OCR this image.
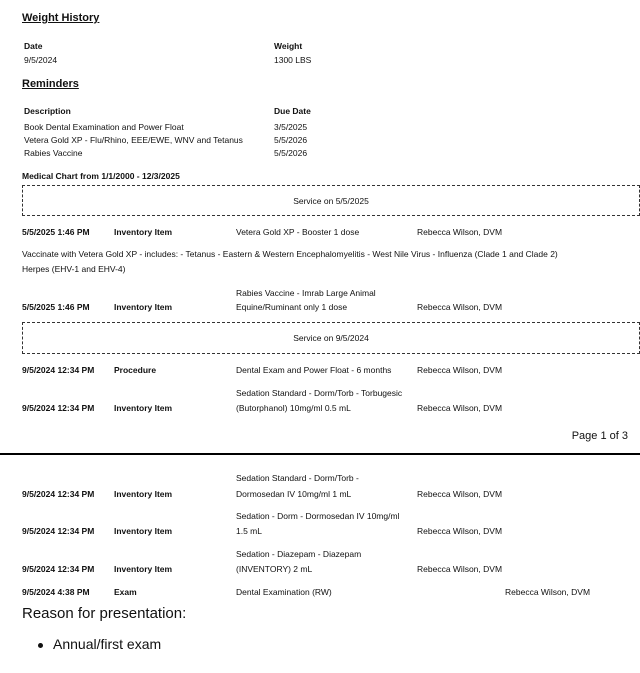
Weight History
Date	Weight
9/5/2024	1300 LBS
Reminders
Description	Due Date
Book Dental Examination and Power Float	3/5/2025
Vetera Gold XP - Flu/Rhino, EEE/EWE, WNV and Tetanus	5/5/2026
Rabies Vaccine	5/5/2026
Medical Chart from 1/1/2000 - 12/3/2025
Service on 5/5/2025
5/5/2025 1:46 PM	Inventory Item	Vetera Gold XP - Booster 1 dose	Rebecca Wilson, DVM
Vaccinate with Vetera Gold XP - includes: - Tetanus - Eastern & Western Encephalomyelitis - West Nile Virus - Influenza (Clade 1 and Clade 2)
Herpes (EHV-1 and EHV-4)
Rabies Vaccine - Imrab Large Animal
5/5/2025 1:46 PM	Inventory Item	Equine/Ruminant only 1 dose	Rebecca Wilson, DVM
Service on 9/5/2024
9/5/2024 12:34 PM Procedure	Dental Exam and Power Float - 6 months	Rebecca Wilson, DVM
Sedation Standard - Dorm/Torb - Torbugesic
9/5/2024 12:34 PM Inventory Item	(Butorphanol) 10mg/ml 0.5 mL	Rebecca Wilson, DVM
Page 1 of 3
Sedation Standard - Dorm/Torb -
9/5/2024 12:34 PM Inventory Item	Dormosedan IV 10mg/ml 1 mL	Rebecca Wilson, DVM
Sedation - Dorm - Dormosedan IV 10mg/ml
9/5/2024 12:34 PM Inventory Item	1.5 mL	Rebecca Wilson, DVM
Sedation - Diazepam - Diazepam
9/5/2024 12:34 PM Inventory Item	(INVENTORY) 2 mL	Rebecca Wilson, DVM
9/5/2024 4:38 PM	Exam	Dental Examination (RW)	Rebecca Wilson, DVM
Reason for presentation:
Annual/first exam
